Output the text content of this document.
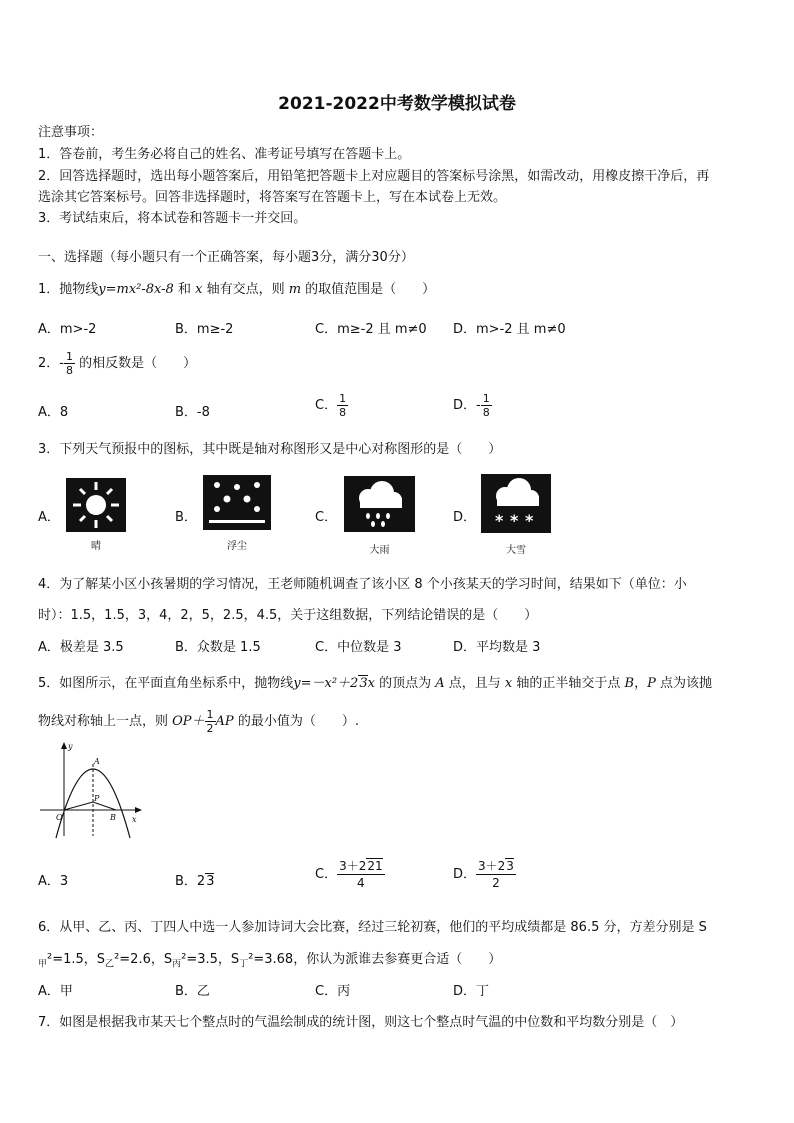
2021-2022中考数学模拟试卷
注意事项：
1．答卷前，考生务必将自己的姓名、准考证号填写在答题卡上。
2．回答选择题时，选出每小题答案后，用铅笔把答题卡上对应题目的答案标号涂黑，如需改动，用橡皮擦干净后，再
选涂其它答案标号。回答非选择题时，将答案写在答题卡上，写在本试卷上无效。
3．考试结束后，将本试卷和答题卡一并交回。
一、选择题（每小题只有一个正确答案，每小题3分，满分30分）
1．抛物线y=mx²-8x-8 和 x 轴有交点，则 m 的取值范围是（　　）
A．m>-2	B．m≥-2	C．m≥-2 且 m≠0 D．m>-2 且 m≠0
2．- $\frac{1}{8}$ 的相反数是（　　）
A．8	B．-8	C． $\frac{1}{8}$	D．- $\frac{1}{8}$
3．下列天气预报中的图标，其中既是轴对称图形又是中心对称图形的是（　　）
A．
晴
B．
浮尘
C．
大雨
D． * * *
大雪
4．为了解某小区小孩暑期的学习情况，王老师随机调查了该小区 8 个小孩某天的学习时间，结果如下（单位：小
时）：1.5，1.5，3，4，2，5，2.5，4.5，关于这组数据，下列结论错误的是（　　）
A．极差是 3.5	B．众数是 1.5	C．中位数是 3	D．平均数是 3
5．如图所示，在平面直角坐标系中，抛物线y=－x²＋23x 的顶点为 A 点，且与 x 轴的正半轴交于点 B，P 点为该抛
物线对称轴上一点，则 $OP+ \frac{1}{2}$ AP 的最小值为（　　）.
y
x
O
A
B
P
A．3	B．23	C． $\frac{3+221}{4}$	D． $\frac{3+23}{2}$
6．从甲、乙、丙、丁四人中选一人参加诗词大会比赛，经过三轮初赛，他们的平均成绩都是 86.5 分，方差分别是 S
$_甲$²=1.5，$S_乙^2=2.6$，$S_丙^2=3.5$，$S_丁^2=3.68$，你认为派谁去参赛更合适（　　）
A．甲	B．乙	C．丙	D．丁
7．如图是根据我市某天七个整点时的气温绘制成的统计图，则这七个整点时气温的中位数和平均数分别是（　）
